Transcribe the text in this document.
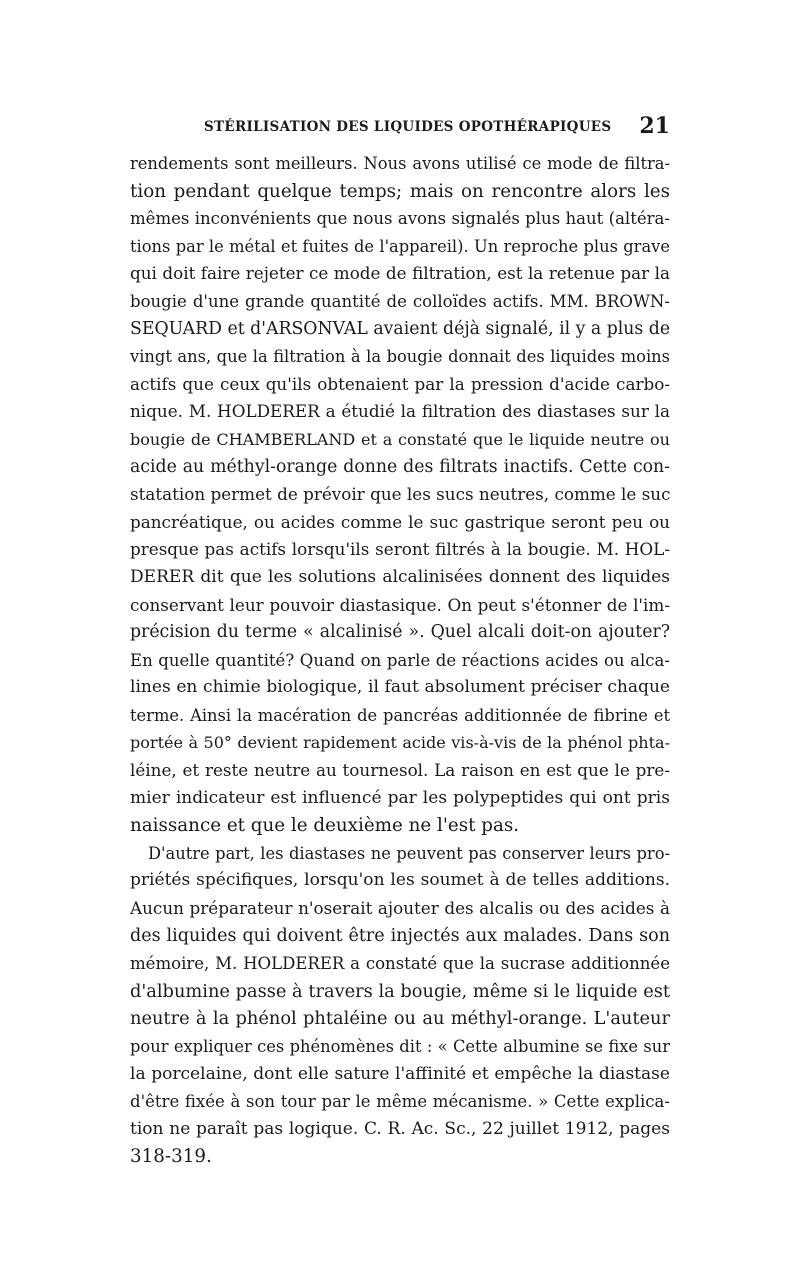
STÉRILISATION DES LIQUIDES OPOTHÉRAPIQUES 21
rendements sont meilleurs. Nous avons utilisé ce mode de filtra-
tion pendant quelque temps; mais on rencontre alors les
mêmes inconvénients que nous avons signalés plus haut (altéra-
tions par le métal et fuites de l'appareil). Un reproche plus grave
qui doit faire rejeter ce mode de filtration, est la retenue par la
bougie d'une grande quantité de colloïdes actifs. MM. BROWN-
SEQUARD et d'ARSONVAL avaient déjà signalé, il y a plus de
vingt ans, que la filtration à la bougie donnait des liquides moins
actifs que ceux qu'ils obtenaient par la pression d'acide carbo-
nique. M. HOLDERER a étudié la filtration des diastases sur la
bougie de CHAMBERLAND et a constaté que le liquide neutre ou
acide au méthyl-orange donne des filtrats inactifs. Cette con-
statation permet de prévoir que les sucs neutres, comme le suc
pancréatique, ou acides comme le suc gastrique seront peu ou
presque pas actifs lorsqu'ils seront filtrés à la bougie. M. HOL-
DERER dit que les solutions alcalinisées donnent des liquides
conservant leur pouvoir diastasique. On peut s'étonner de l'im-
précision du terme « alcalinisé ». Quel alcali doit-on ajouter?
En quelle quantité? Quand on parle de réactions acides ou alca-
lines en chimie biologique, il faut absolument préciser chaque
terme. Ainsi la macération de pancréas additionnée de fibrine et
portée à 50° devient rapidement acide vis-à-vis de la phénol phta-
léine, et reste neutre au tournesol. La raison en est que le pre-
mier indicateur est influencé par les polypeptides qui ont pris
naissance et que le deuxième ne l'est pas.
D'autre part, les diastases ne peuvent pas conserver leurs pro-
priétés spécifiques, lorsqu'on les soumet à de telles additions.
Aucun préparateur n'oserait ajouter des alcalis ou des acides à
des liquides qui doivent être injectés aux malades. Dans son
mémoire, M. HOLDERER a constaté que la sucrase additionnée
d'albumine passe à travers la bougie, même si le liquide est
neutre à la phénol phtaléine ou au méthyl-orange. L'auteur
pour expliquer ces phénomènes dit : « Cette albumine se fixe sur
la porcelaine, dont elle sature l'affinité et empêche la diastase
d'être fixée à son tour par le même mécanisme. » Cette explica-
tion ne paraît pas logique. C. R. Ac. Sc., 22 juillet 1912, pages
318-319.
